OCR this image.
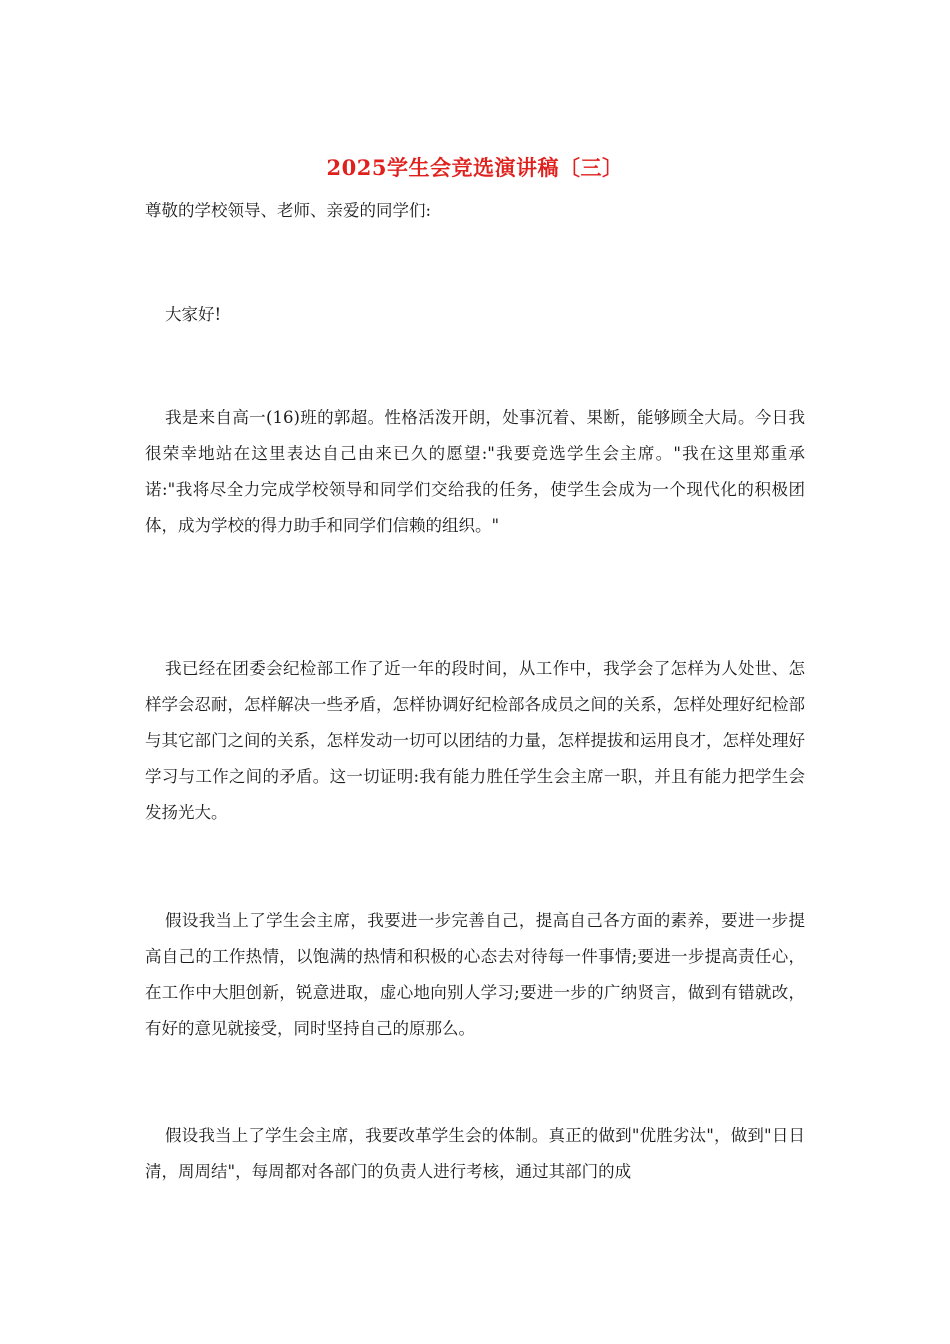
2025学生会竞选演讲稿〔三〕
尊敬的学校领导、老师、亲爱的同学们:

大家好!

我是来自高一(16)班的郭超。性格活泼开朗，处事沉着、果断，能够顾全大局。今日我很荣幸地站在这里表达自己由来已久的愿望:"我要竞选学生会主席。"我在这里郑重承诺:"我将尽全力完成学校领导和同学们交给我的任务，使学生会成为一个现代化的积极团体，成为学校的得力助手和同学们信赖的组织。"

我已经在团委会纪检部工作了近一年的段时间，从工作中，我学会了怎样为人处世、怎样学会忍耐，怎样解决一些矛盾，怎样协调好纪检部各成员之间的关系，怎样处理好纪检部与其它部门之间的关系，怎样发动一切可以团结的力量，怎样提拔和运用良才，怎样处理好学习与工作之间的矛盾。这一切证明:我有能力胜任学生会主席一职，并且有能力把学生会发扬光大。

假设我当上了学生会主席，我要进一步完善自己，提高自己各方面的素养，要进一步提高自己的工作热情，以饱满的热情和积极的心态去对待每一件事情;要进一步提高责任心，在工作中大胆创新，锐意进取，虚心地向别人学习;要进一步的广纳贤言，做到有错就改，有好的意见就接受，同时坚持自己的原那么。

假设我当上了学生会主席，我要改革学生会的体制。真正的做到"优胜劣汰"，做到"日日清，周周结"，每周都对各部门的负责人进行考核，通过其部门的成
